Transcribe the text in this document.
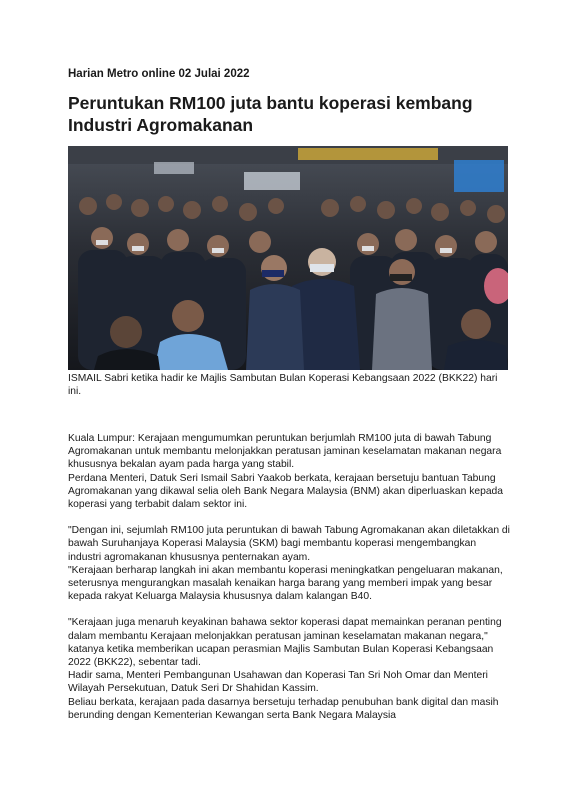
Harian Metro online 02 Julai 2022

Peruntukan RM100 juta bantu koperasi kembang Industri Agromakanan

ISMAIL Sabri ketika hadir ke Majlis Sambutan Bulan Koperasi Kebangsaan 2022 (BKK22) hari ini.

Kuala Lumpur: Kerajaan mengumumkan peruntukan berjumlah RM100 juta di bawah Tabung Agromakanan untuk membantu melonjakkan peratusan jaminan keselamatan makanan negara khususnya bekalan ayam pada harga yang stabil.
Perdana Menteri, Datuk Seri Ismail Sabri Yaakob berkata, kerajaan bersetuju bantuan Tabung Agromakanan yang dikawal selia oleh Bank Negara Malaysia (BNM) akan diperluaskan kepada koperasi yang terbabit dalam sektor ini.

"Dengan ini, sejumlah RM100 juta peruntukan di bawah Tabung Agromakanan akan diletakkan di bawah Suruhanjaya Koperasi Malaysia (SKM) bagi membantu koperasi mengembangkan industri agromakanan khususnya penternakan ayam.
"Kerajaan berharap langkah ini akan membantu koperasi meningkatkan pengeluaran makanan, seterusnya mengurangkan masalah kenaikan harga barang yang memberi impak yang besar kepada rakyat Keluarga Malaysia khususnya dalam kalangan B40.

"Kerajaan juga menaruh keyakinan bahawa sektor koperasi dapat memainkan peranan penting dalam membantu Kerajaan melonjakkan peratusan jaminan keselamatan makanan negara," katanya ketika memberikan ucapan perasmian Majlis Sambutan Bulan Koperasi Kebangsaan 2022 (BKK22), sebentar tadi.
Hadir sama, Menteri Pembangunan Usahawan dan Koperasi Tan Sri Noh Omar dan Menteri Wilayah Persekutuan, Datuk Seri Dr Shahidan Kassim.
Beliau berkata, kerajaan pada dasarnya bersetuju terhadap penubuhan bank digital dan masih berunding dengan Kementerian Kewangan serta Bank Negara Malaysia
